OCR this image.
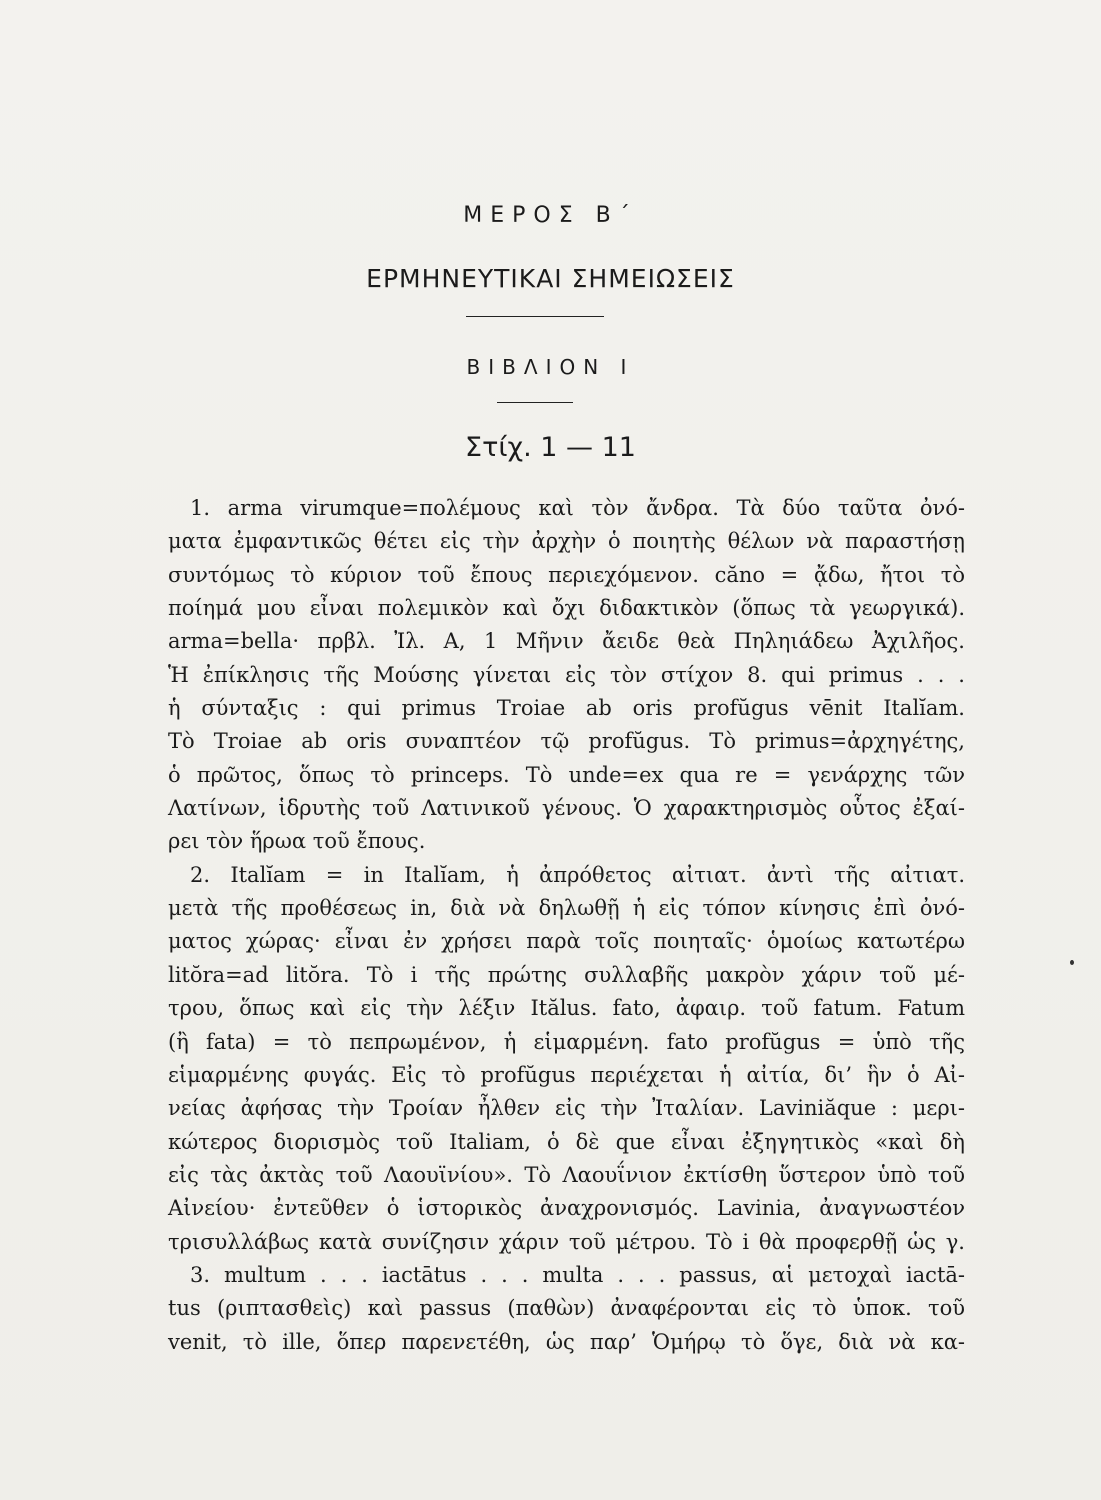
ΜΕΡΟΣ Β΄
ΕΡΜΗΝΕΥΤΙΚΑΙ ΣΗΜΕΙΩΣΕΙΣ
ΒΙΒΛΙΟΝ Ι
Στίχ. 1 — 11
1. arma virumque=πολέμους καὶ τὸν ἄνδρα. Τὰ δύο ταῦτα ὀνό-
ματα ἐμφαντικῶς θέτει εἰς τὴν ἀρχὴν ὁ ποιητὴς θέλων νὰ παραστήσῃ
συντόμως τὸ κύριον τοῦ ἔπους περιεχόμενον. căno = ᾄδω, ἤτοι τὸ
ποίημά μου εἶναι πολεμικὸν καὶ ὄχι διδακτικὸν (ὅπως τὰ γεωργικά).
arma=bella· πρβλ. Ἰλ. Α, 1 Μῆνιν ἄειδε θεὰ Πηληιάδεω Ἀχιλῆος.
Ἡ ἐπίκλησις τῆς Μούσης γίνεται εἰς τὸν στίχον 8. qui primus . . .
ἡ σύνταξις : qui primus Troiae ab oris profŭgus vēnit Italĭam.
Τὸ Troiae ab oris συναπτέον τῷ profŭgus. Τὸ primus=ἀρχηγέτης,
ὁ πρῶτος, ὅπως τὸ princeps. Τὸ unde=ex qua re = γενάρχης τῶν
Λατίνων, ἱδρυτὴς τοῦ Λατινικοῦ γένους. Ὁ χαρακτηρισμὸς οὗτος ἐξαί-
ρει τὸν ἥρωα τοῦ ἔπους.
2. Italĭam = in Italĭam, ἡ ἀπρόθετος αἰτιατ. ἀντὶ τῆς αἰτιατ.
μετὰ τῆς προθέσεως in, διὰ νὰ δηλωθῇ ἡ εἰς τόπον κίνησις ἐπὶ ὀνό-
ματος χώρας· εἶναι ἐν χρήσει παρὰ τοῖς ποιηταῖς· ὁμοίως κατωτέρω
litŏra=ad litŏra. Τὸ i τῆς πρώτης συλλαβῆς μακρὸν χάριν τοῦ μέ-
τρου, ὅπως καὶ εἰς τὴν λέξιν Itălus. fato, ἀφαιρ. τοῦ fatum. Fatum
(ἢ fata) = τὸ πεπρωμένον, ἡ εἱμαρμένη. fato profŭgus = ὑπὸ τῆς
εἱμαρμένης φυγάς. Εἰς τὸ profŭgus περιέχεται ἡ αἰτία, δι’ ἣν ὁ Αἰ-
νείας ἀφήσας τὴν Τροίαν ἦλθεν εἰς τὴν Ἰταλίαν. Laviniăque : μερι-
κώτερος διορισμὸς τοῦ Italiam, ὁ δὲ que εἶναι ἐξηγητικὸς «καὶ δὴ
εἰς τὰς ἀκτὰς τοῦ Λαουϊνίου». Τὸ Λαουΐνιον ἐκτίσθη ὕστερον ὑπὸ τοῦ
Αἰνείου· ἐντεῦθεν ὁ ἱστορικὸς ἀναχρονισμός. Lavinia, ἀναγνωστέον
τρισυλλάβως κατὰ συνίζησιν χάριν τοῦ μέτρου. Τὸ i θὰ προφερθῇ ὡς γ.
3. multum . . . iactātus . . . multa . . . passus, αἱ μετοχαὶ iactā-
tus (ριπτασθεὶς) καὶ passus (παθὼν) ἀναφέρονται εἰς τὸ ὑποκ. τοῦ
venit, τὸ ille, ὅπερ παρενετέθη, ὡς παρ’ Ὁμήρῳ τὸ ὅγε, διὰ νὰ κα-
